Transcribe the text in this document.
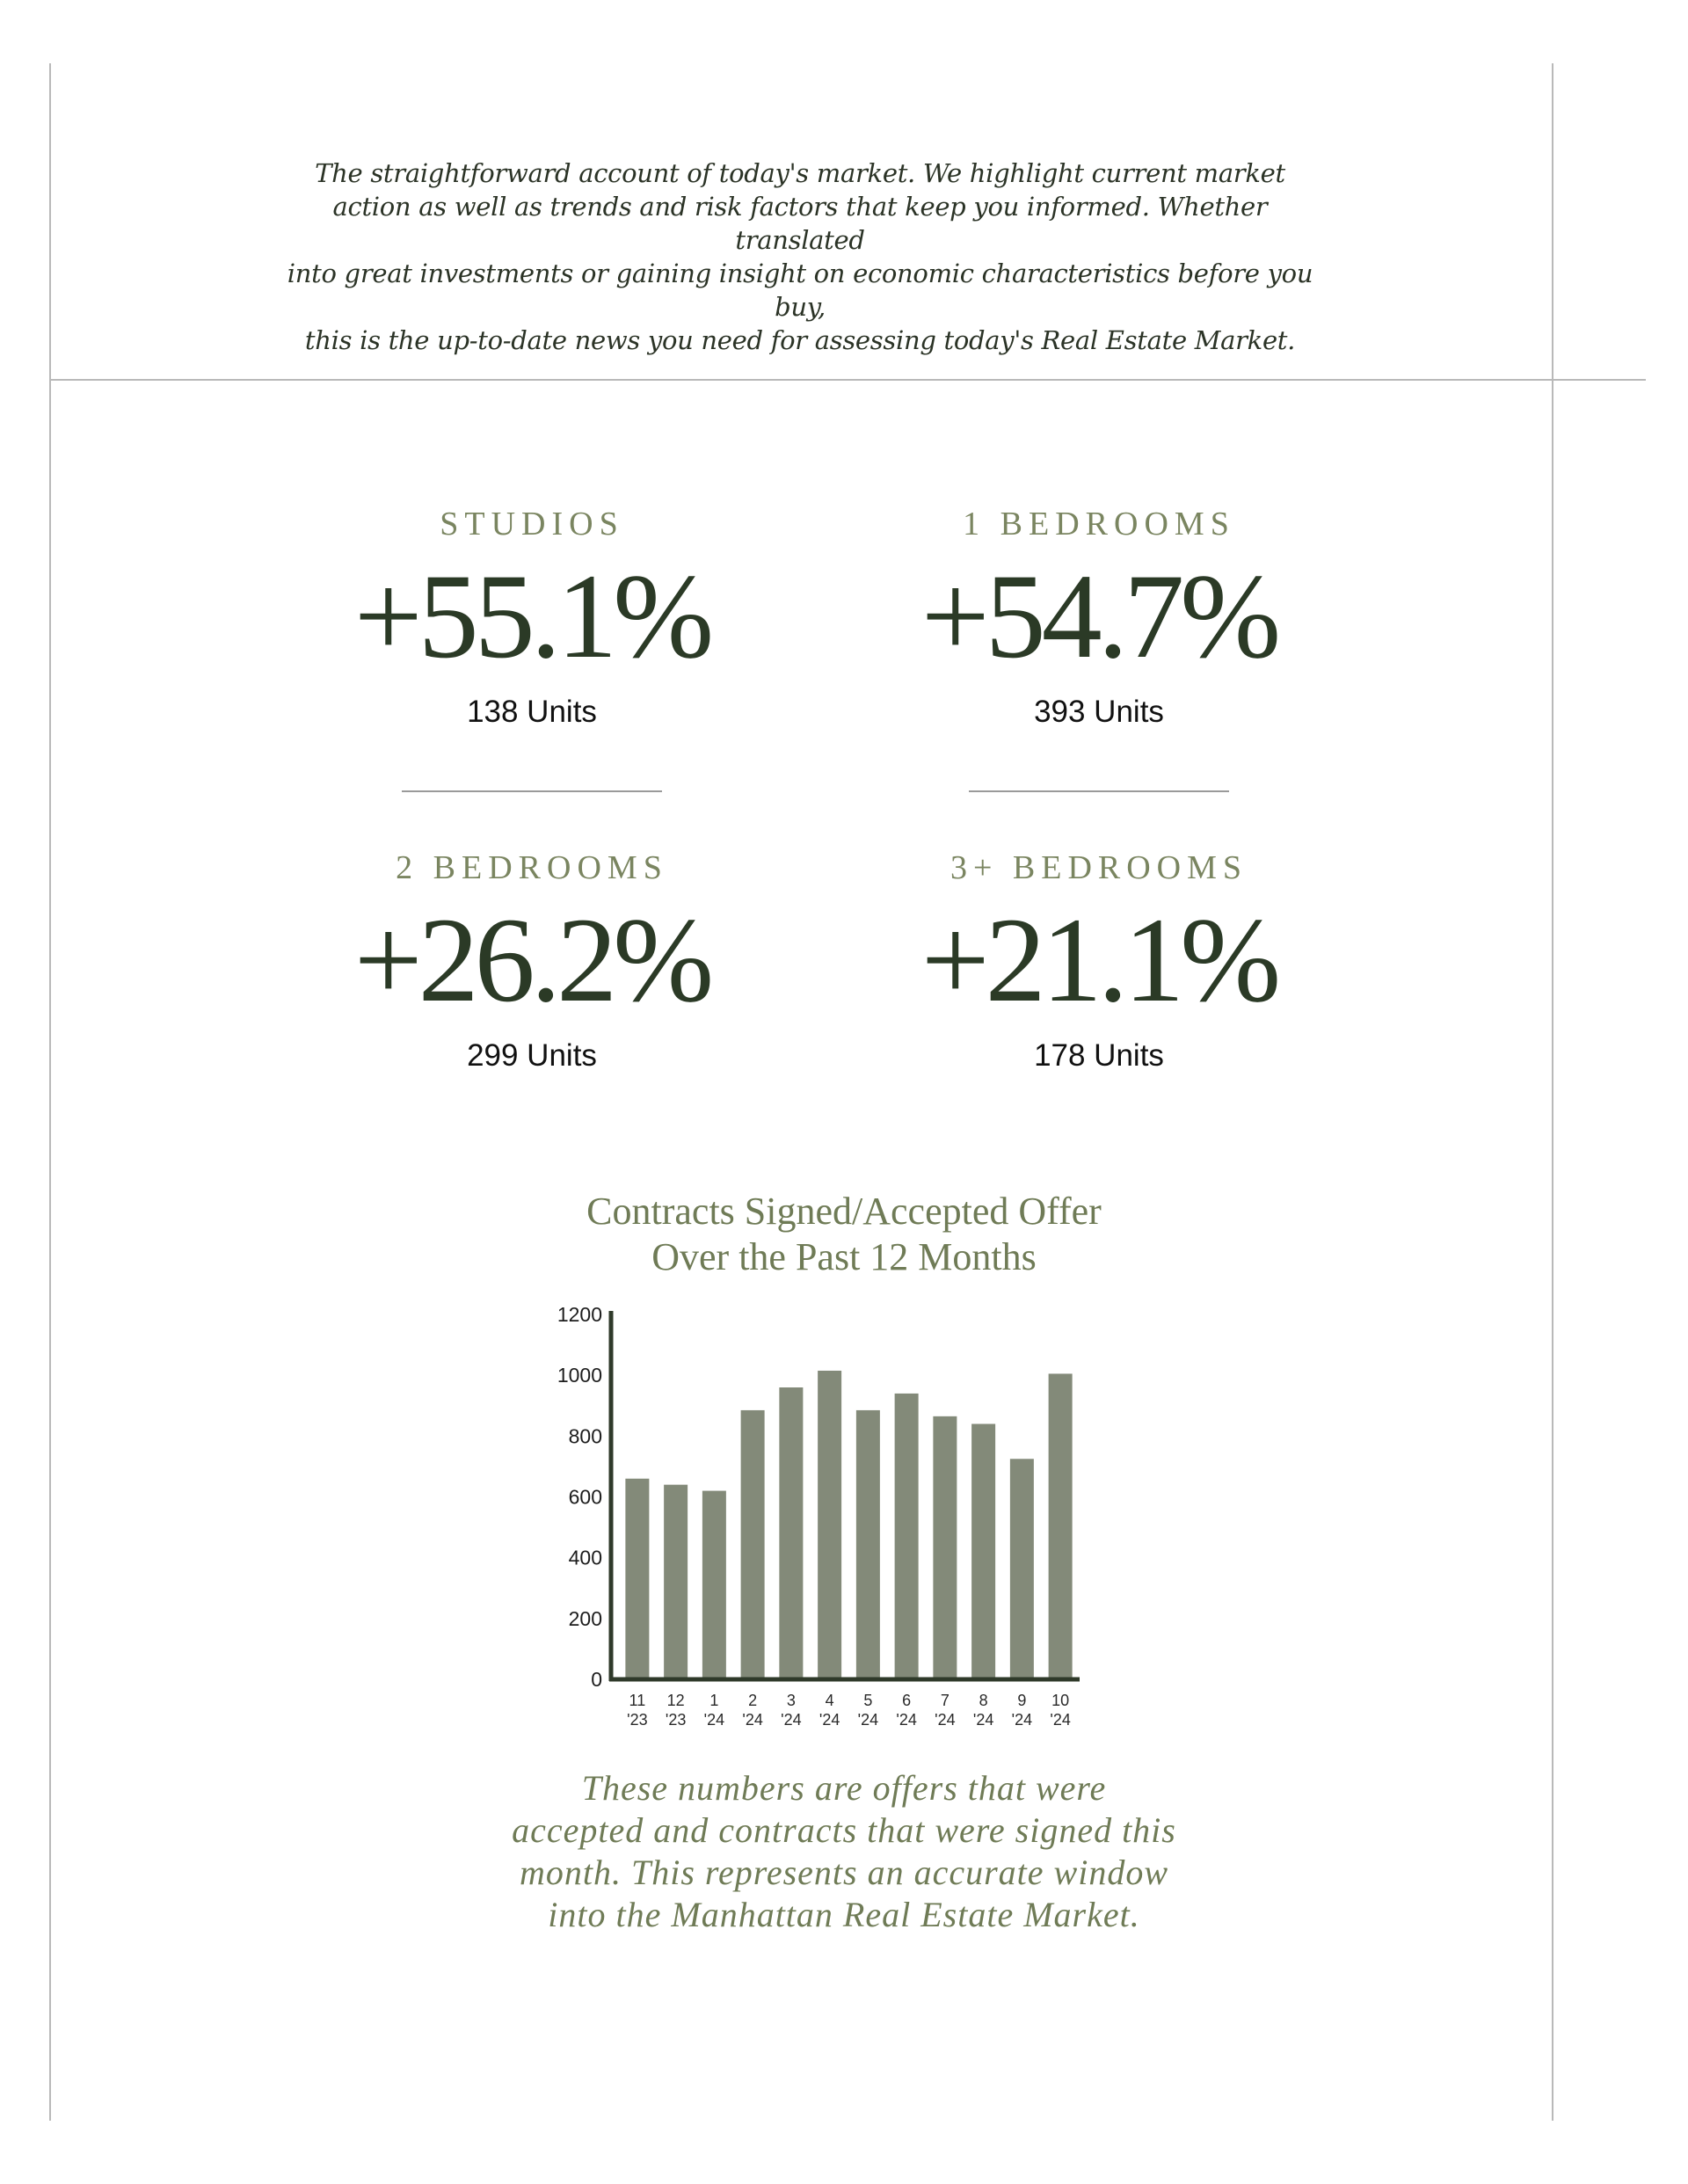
The straightforward account of today's market. We highlight current market
action as well as trends and risk factors that keep you informed. Whether translated
into great investments or gaining insight on economic characteristics before you buy,
this is the up-to-date news you need for assessing today's Real Estate Market.
STUDIOS
+55.1%
138 Units
1 BEDROOMS
+54.7%
393 Units
2 BEDROOMS
+26.2%
299 Units
3+ BEDROOMS
+21.1%
178 Units
Contracts Signed/Accepted Offer
Over the Past 12 Months
0
200
400
600
800
1000
1200
11
'23
12
'23
1
'24
2
'24
3
'24
4
'24
5
'24
6
'24
7
'24
8
'24
9
'24
10
'24
These numbers are offers that were
accepted and contracts that were signed this
month. This represents an accurate window
into the Manhattan Real Estate Market.
